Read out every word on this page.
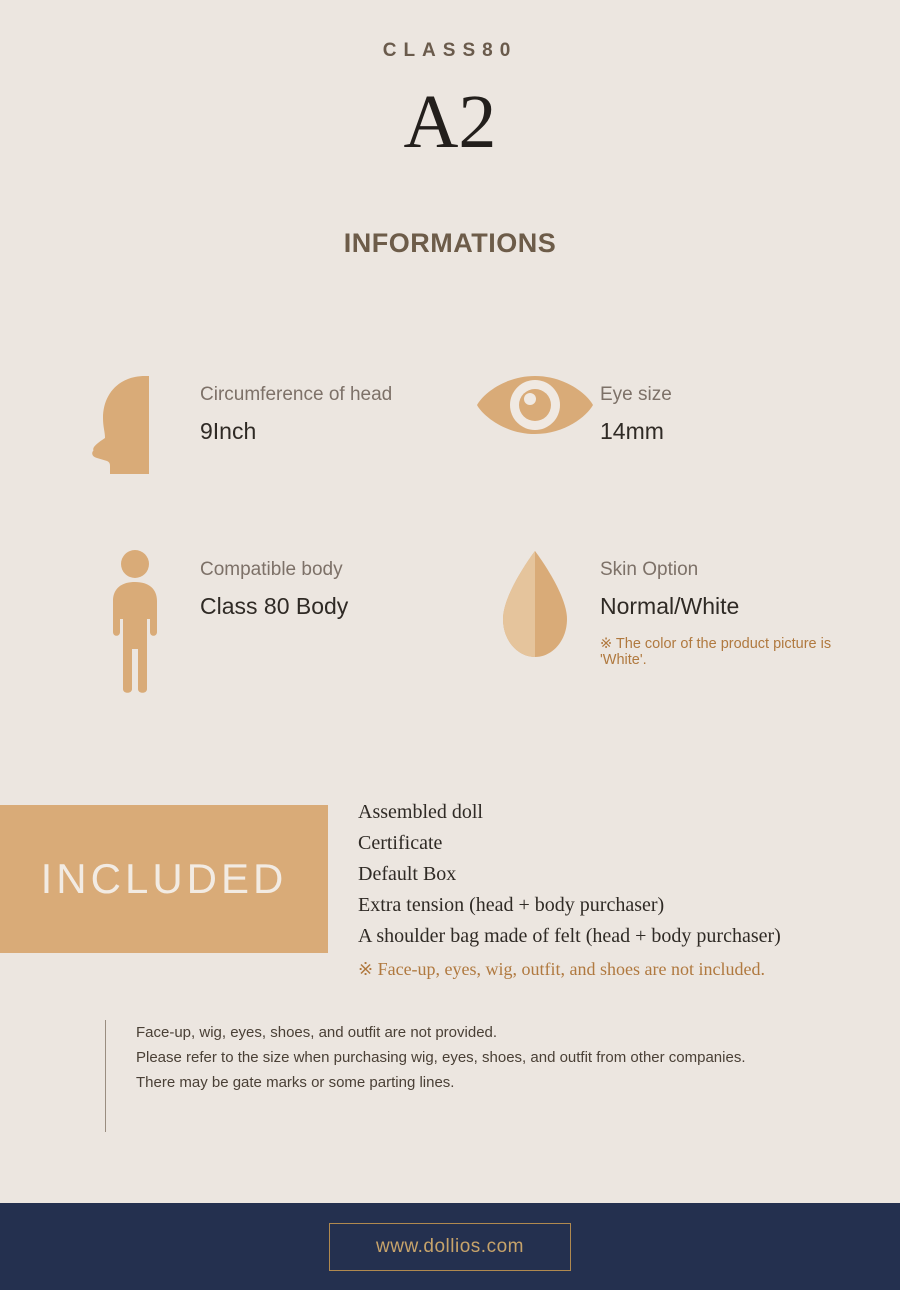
CLASS80
A2
INFORMATIONS
Circumference of head
9Inch
Eye size
14mm
Compatible body
Class 80 Body
Skin Option
Normal/White
※ The color of the product picture is 'White'.
INCLUDED
Assembled doll
Certificate
Default Box
Extra tension (head + body purchaser)
A shoulder bag made of felt (head + body purchaser)
※ Face-up, eyes, wig, outfit, and shoes are not included.
Face-up, wig, eyes, shoes, and outfit are not provided.
Please refer to the size when purchasing wig, eyes, shoes, and outfit from other companies.
There may be gate marks or some parting lines.
www.dollios.com
